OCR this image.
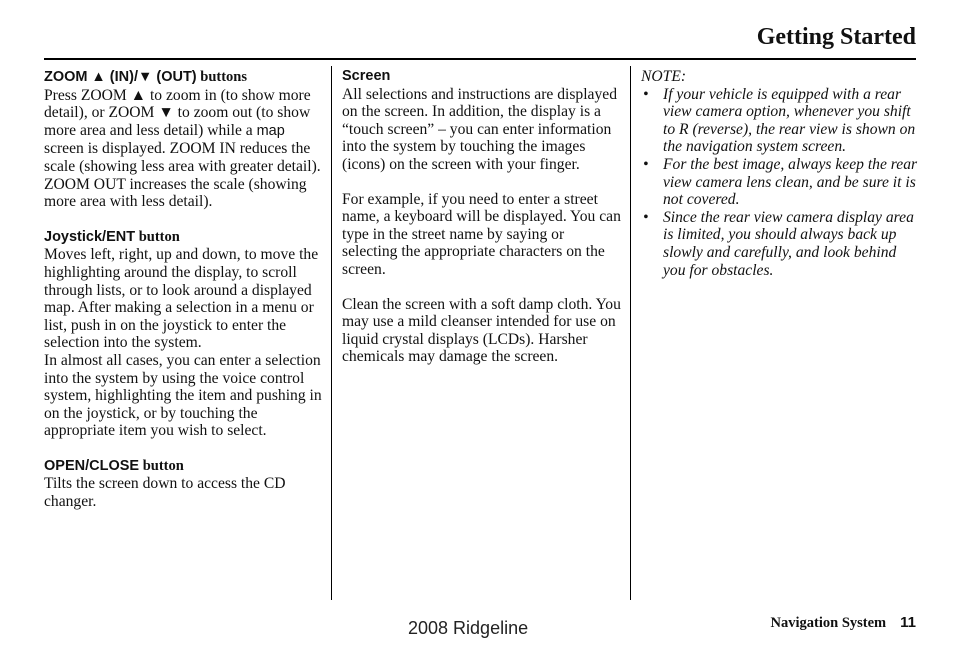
Getting Started

ZOOM ▲ (IN)/▼ (OUT) buttons

Press ZOOM ▲ to zoom in (to show more detail), or ZOOM ▼ to zoom out (to show more area and less detail) while a map screen is displayed. ZOOM IN reduces the scale (showing less area with greater detail). ZOOM OUT increases the scale (showing more area with less detail).

Joystick/ENT button

Moves left, right, up and down, to move the highlighting around the display, to scroll through lists, or to look around a displayed map. After making a selection in a menu or list, push in on the joystick to enter the selection into the system.

In almost all cases, you can enter a selection into the system by using the voice control system, highlighting the item and pushing in on the joystick, or by touching the appropriate item you wish to select.

OPEN/CLOSE button

Tilts the screen down to access the CD changer.

Screen

All selections and instructions are displayed on the screen. In addition, the display is a “touch screen” – you can enter information into the system by touching the images (icons) on the screen with your finger.

For example, if you need to enter a street name, a keyboard will be displayed. You can type in the street name by saying or selecting the appropriate characters on the screen.

Clean the screen with a soft damp cloth. You may use a mild cleanser intended for use on liquid crystal displays (LCDs). Harsher chemicals may damage the screen.

NOTE:

• If your vehicle is equipped with a rear view camera option, whenever you shift to R (reverse), the rear view is shown on the navigation system screen.
• For the best image, always keep the rear view camera lens clean, and be sure it is not covered.
• Since the rear view camera display area is limited, you should always back up slowly and carefully, and look behind you for obstacles.
Navigation System 11
2008 Ridgeline
